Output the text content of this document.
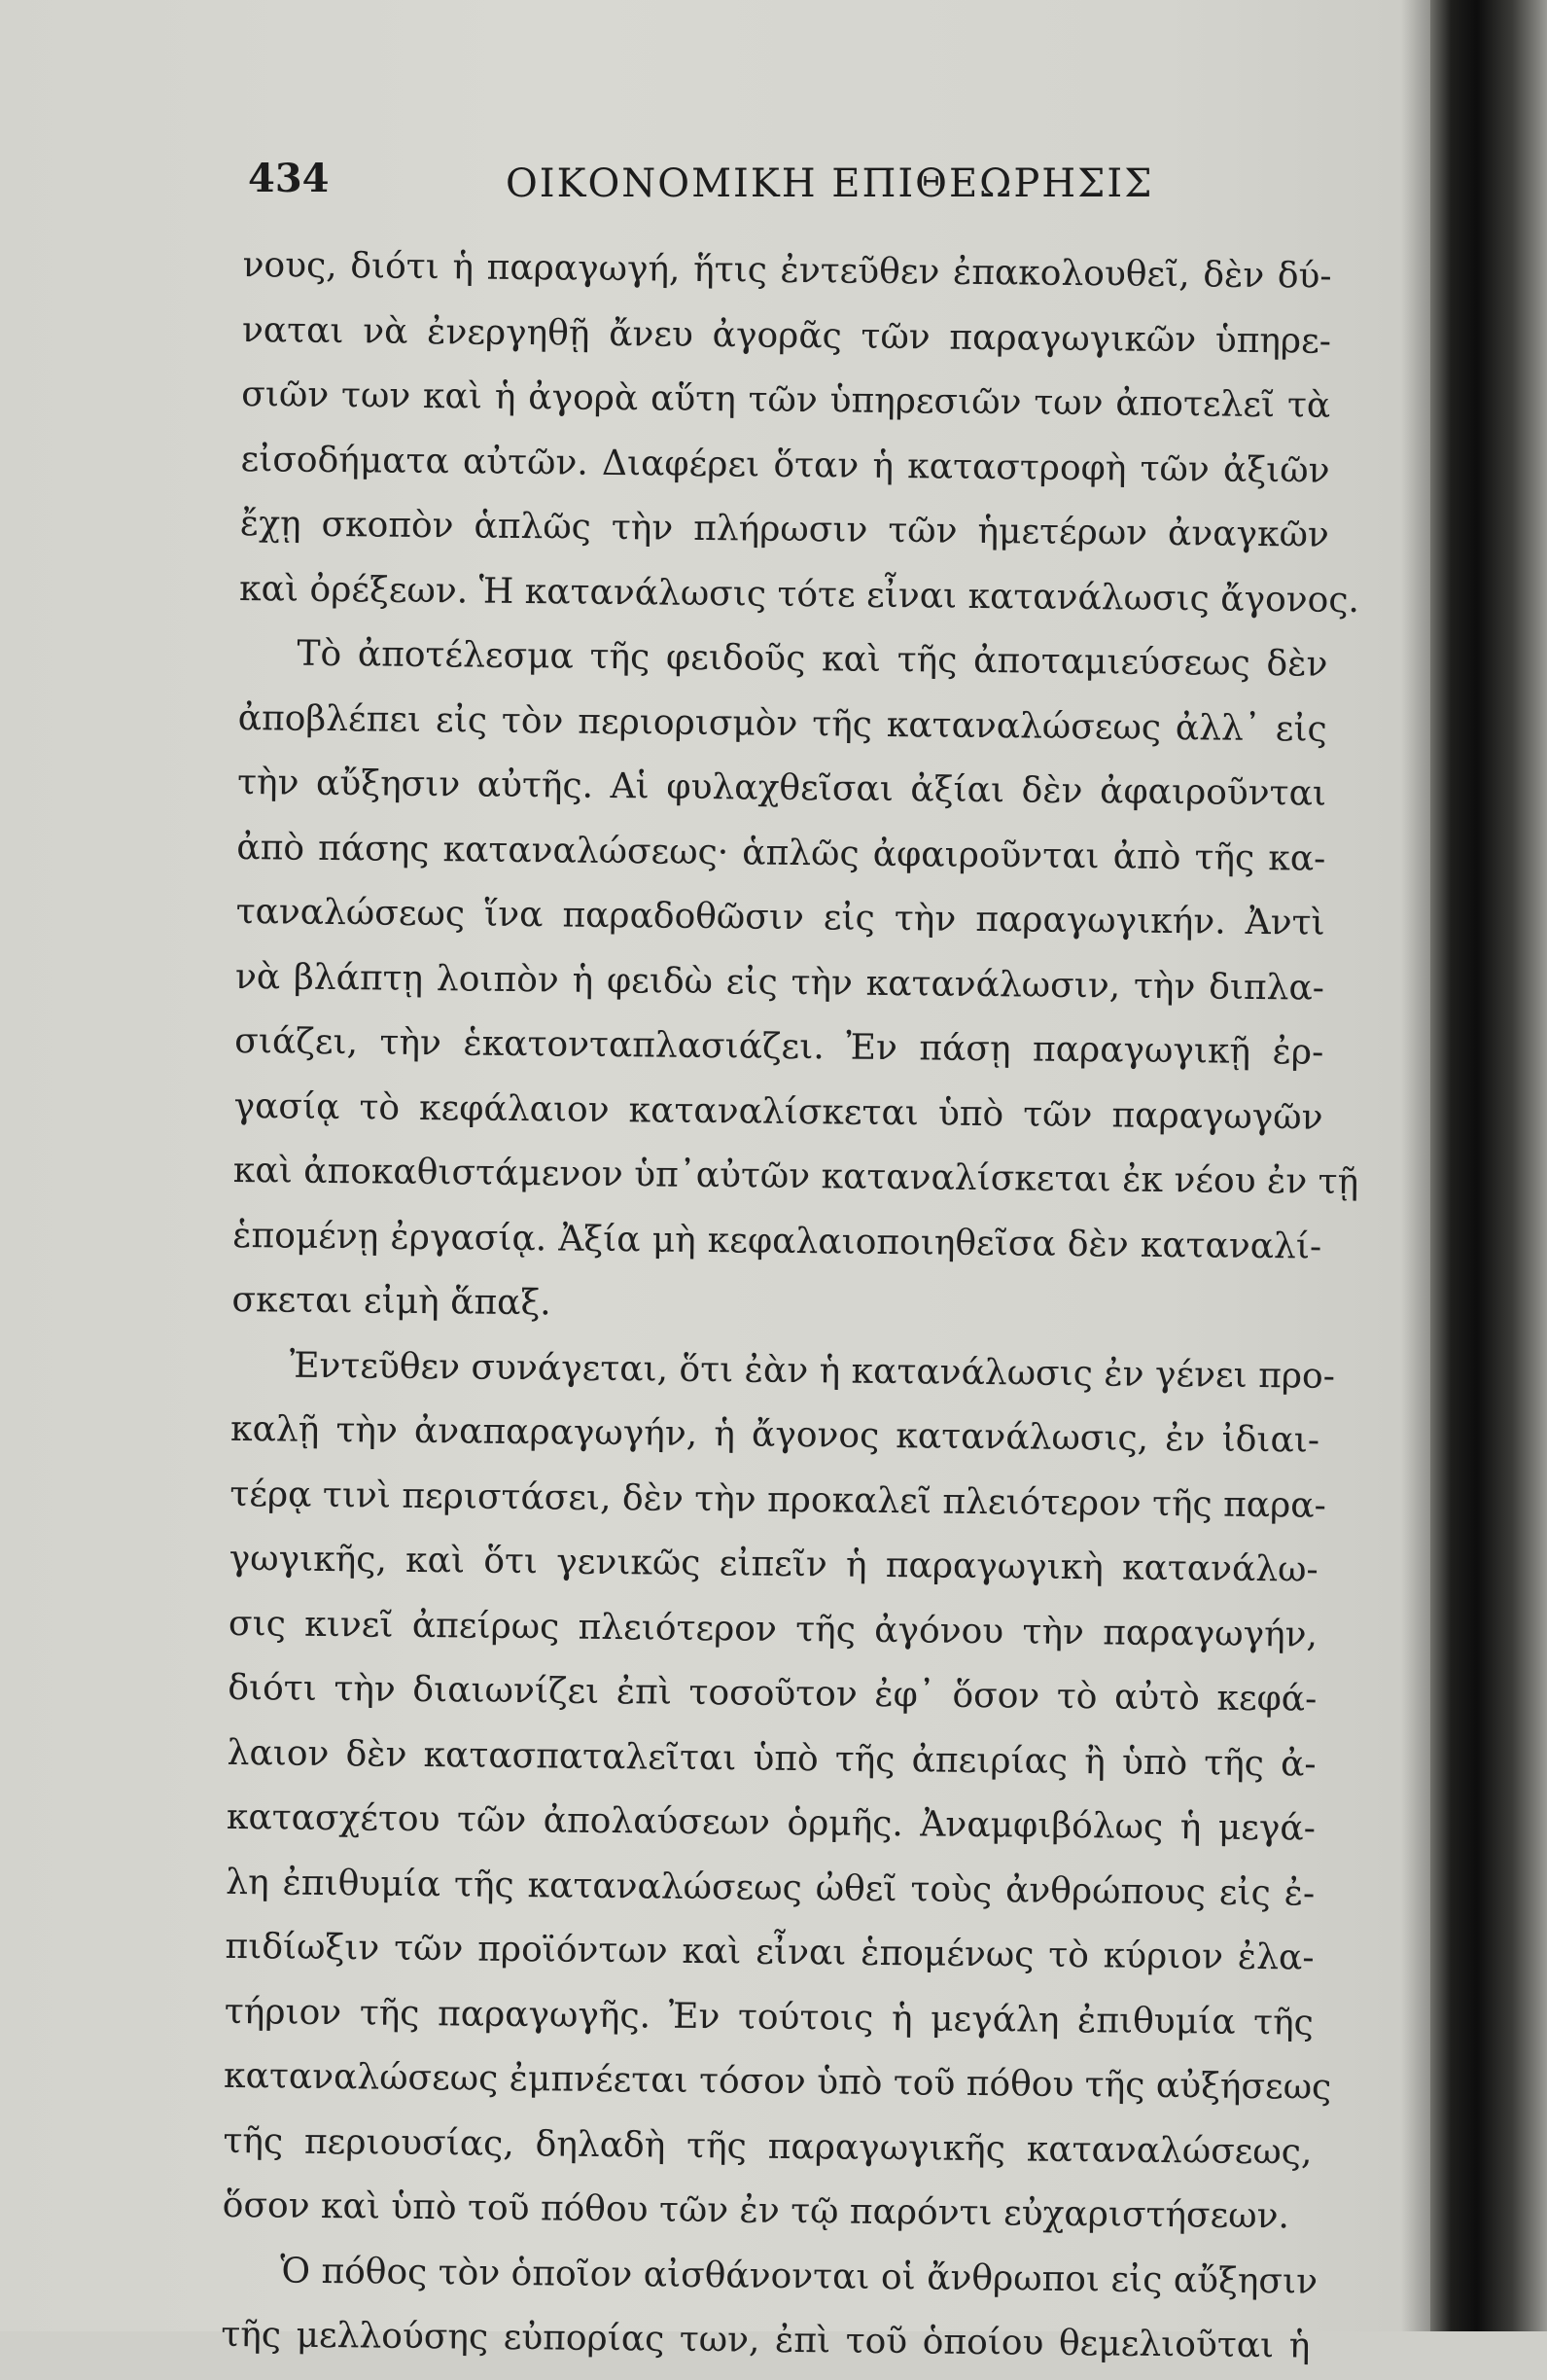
434	ΟΙΚΟΝΟΜΙΚΗ ΕΠΙΘΕΩΡΗΣΙΣ
νους, διότι ἡ παραγωγή, ἥτις ἐντεῦθεν ἐπακολουθεῖ, δὲν δύ-
ναται νὰ ἐνεργηθῇ ἄνευ ἀγορᾶς τῶν παραγωγικῶν ὑπηρε-
σιῶν των καὶ ἡ ἀγορὰ αὕτη τῶν ὑπηρεσιῶν των ἀποτελεῖ τὰ
εἰσοδήματα αὐτῶν. Διαφέρει ὅταν ἡ καταστροφὴ τῶν ἀξιῶν
ἔχῃ σκοπὸν ἁπλῶς τὴν πλήρωσιν τῶν ἡμετέρων ἀναγκῶν
καὶ ὀρέξεων. Ἡ κατανάλωσις τότε εἶναι κατανάλωσις ἄγονος.
Τὸ ἀποτέλεσμα τῆς φειδοῦς καὶ τῆς ἀποταμιεύσεως δὲν
ἀποβλέπει εἰς τὸν περιορισμὸν τῆς καταναλώσεως ἀλλ᾽ εἰς
τὴν αὔξησιν αὐτῆς. Αἱ φυλαχθεῖσαι ἀξίαι δὲν ἀφαιροῦνται
ἀπὸ πάσης καταναλώσεως· ἁπλῶς ἀφαιροῦνται ἀπὸ τῆς κα-
ταναλώσεως ἵνα παραδοθῶσιν εἰς τὴν παραγωγικήν. Ἀντὶ
νὰ βλάπτῃ λοιπὸν ἡ φειδὼ εἰς τὴν κατανάλωσιν, τὴν διπλα-
σιάζει, τὴν ἑκατονταπλασιάζει. Ἐν πάσῃ παραγωγικῇ ἐρ-
γασίᾳ τὸ κεφάλαιον καταναλίσκεται ὑπὸ τῶν παραγωγῶν
καὶ ἀποκαθιστάμενον ὑπ᾽αὐτῶν καταναλίσκεται ἐκ νέου ἐν τῇ
ἑπομένῃ ἐργασίᾳ. Ἀξία μὴ κεφαλαιοποιηθεῖσα δὲν καταναλί-
σκεται εἰμὴ ἅπαξ.
Ἐντεῦθεν συνάγεται, ὅτι ἐὰν ἡ κατανάλωσις ἐν γένει προ-
καλῇ τὴν ἀναπαραγωγήν, ἡ ἄγονος κατανάλωσις, ἐν ἰδιαι-
τέρᾳ τινὶ περιστάσει, δὲν τὴν προκαλεῖ πλειότερον τῆς παρα-
γωγικῆς, καὶ ὅτι γενικῶς εἰπεῖν ἡ παραγωγικὴ κατανάλω-
σις κινεῖ ἀπείρως πλειότερον τῆς ἀγόνου τὴν παραγωγήν,
διότι τὴν διαιωνίζει ἐπὶ τοσοῦτον ἐφ᾽ ὅσον τὸ αὐτὸ κεφά-
λαιον δὲν κατασπαταλεῖται ὑπὸ τῆς ἀπειρίας ἢ ὑπὸ τῆς ἀ-
κατασχέτου τῶν ἀπολαύσεων ὁρμῆς. Ἀναμφιβόλως ἡ μεγά-
λη ἐπιθυμία τῆς καταναλώσεως ὠθεῖ τοὺς ἀνθρώπους εἰς ἐ-
πιδίωξιν τῶν προϊόντων καὶ εἶναι ἑπομένως τὸ κύριον ἐλα-
τήριον τῆς παραγωγῆς. Ἐν τούτοις ἡ μεγάλη ἐπιθυμία τῆς
καταναλώσεως ἐμπνέεται τόσον ὑπὸ τοῦ πόθου τῆς αὐξήσεως
τῆς περιουσίας, δηλαδὴ τῆς παραγωγικῆς καταναλώσεως,
ὅσον καὶ ὑπὸ τοῦ πόθου τῶν ἐν τῷ παρόντι εὐχαριστήσεων.
Ὁ πόθος τὸν ὁποῖον αἰσθάνονται οἱ ἄνθρωποι εἰς αὔξησιν
τῆς μελλούσης εὐπορίας των, ἐπὶ τοῦ ὁποίου θεμελιοῦται ἡ
